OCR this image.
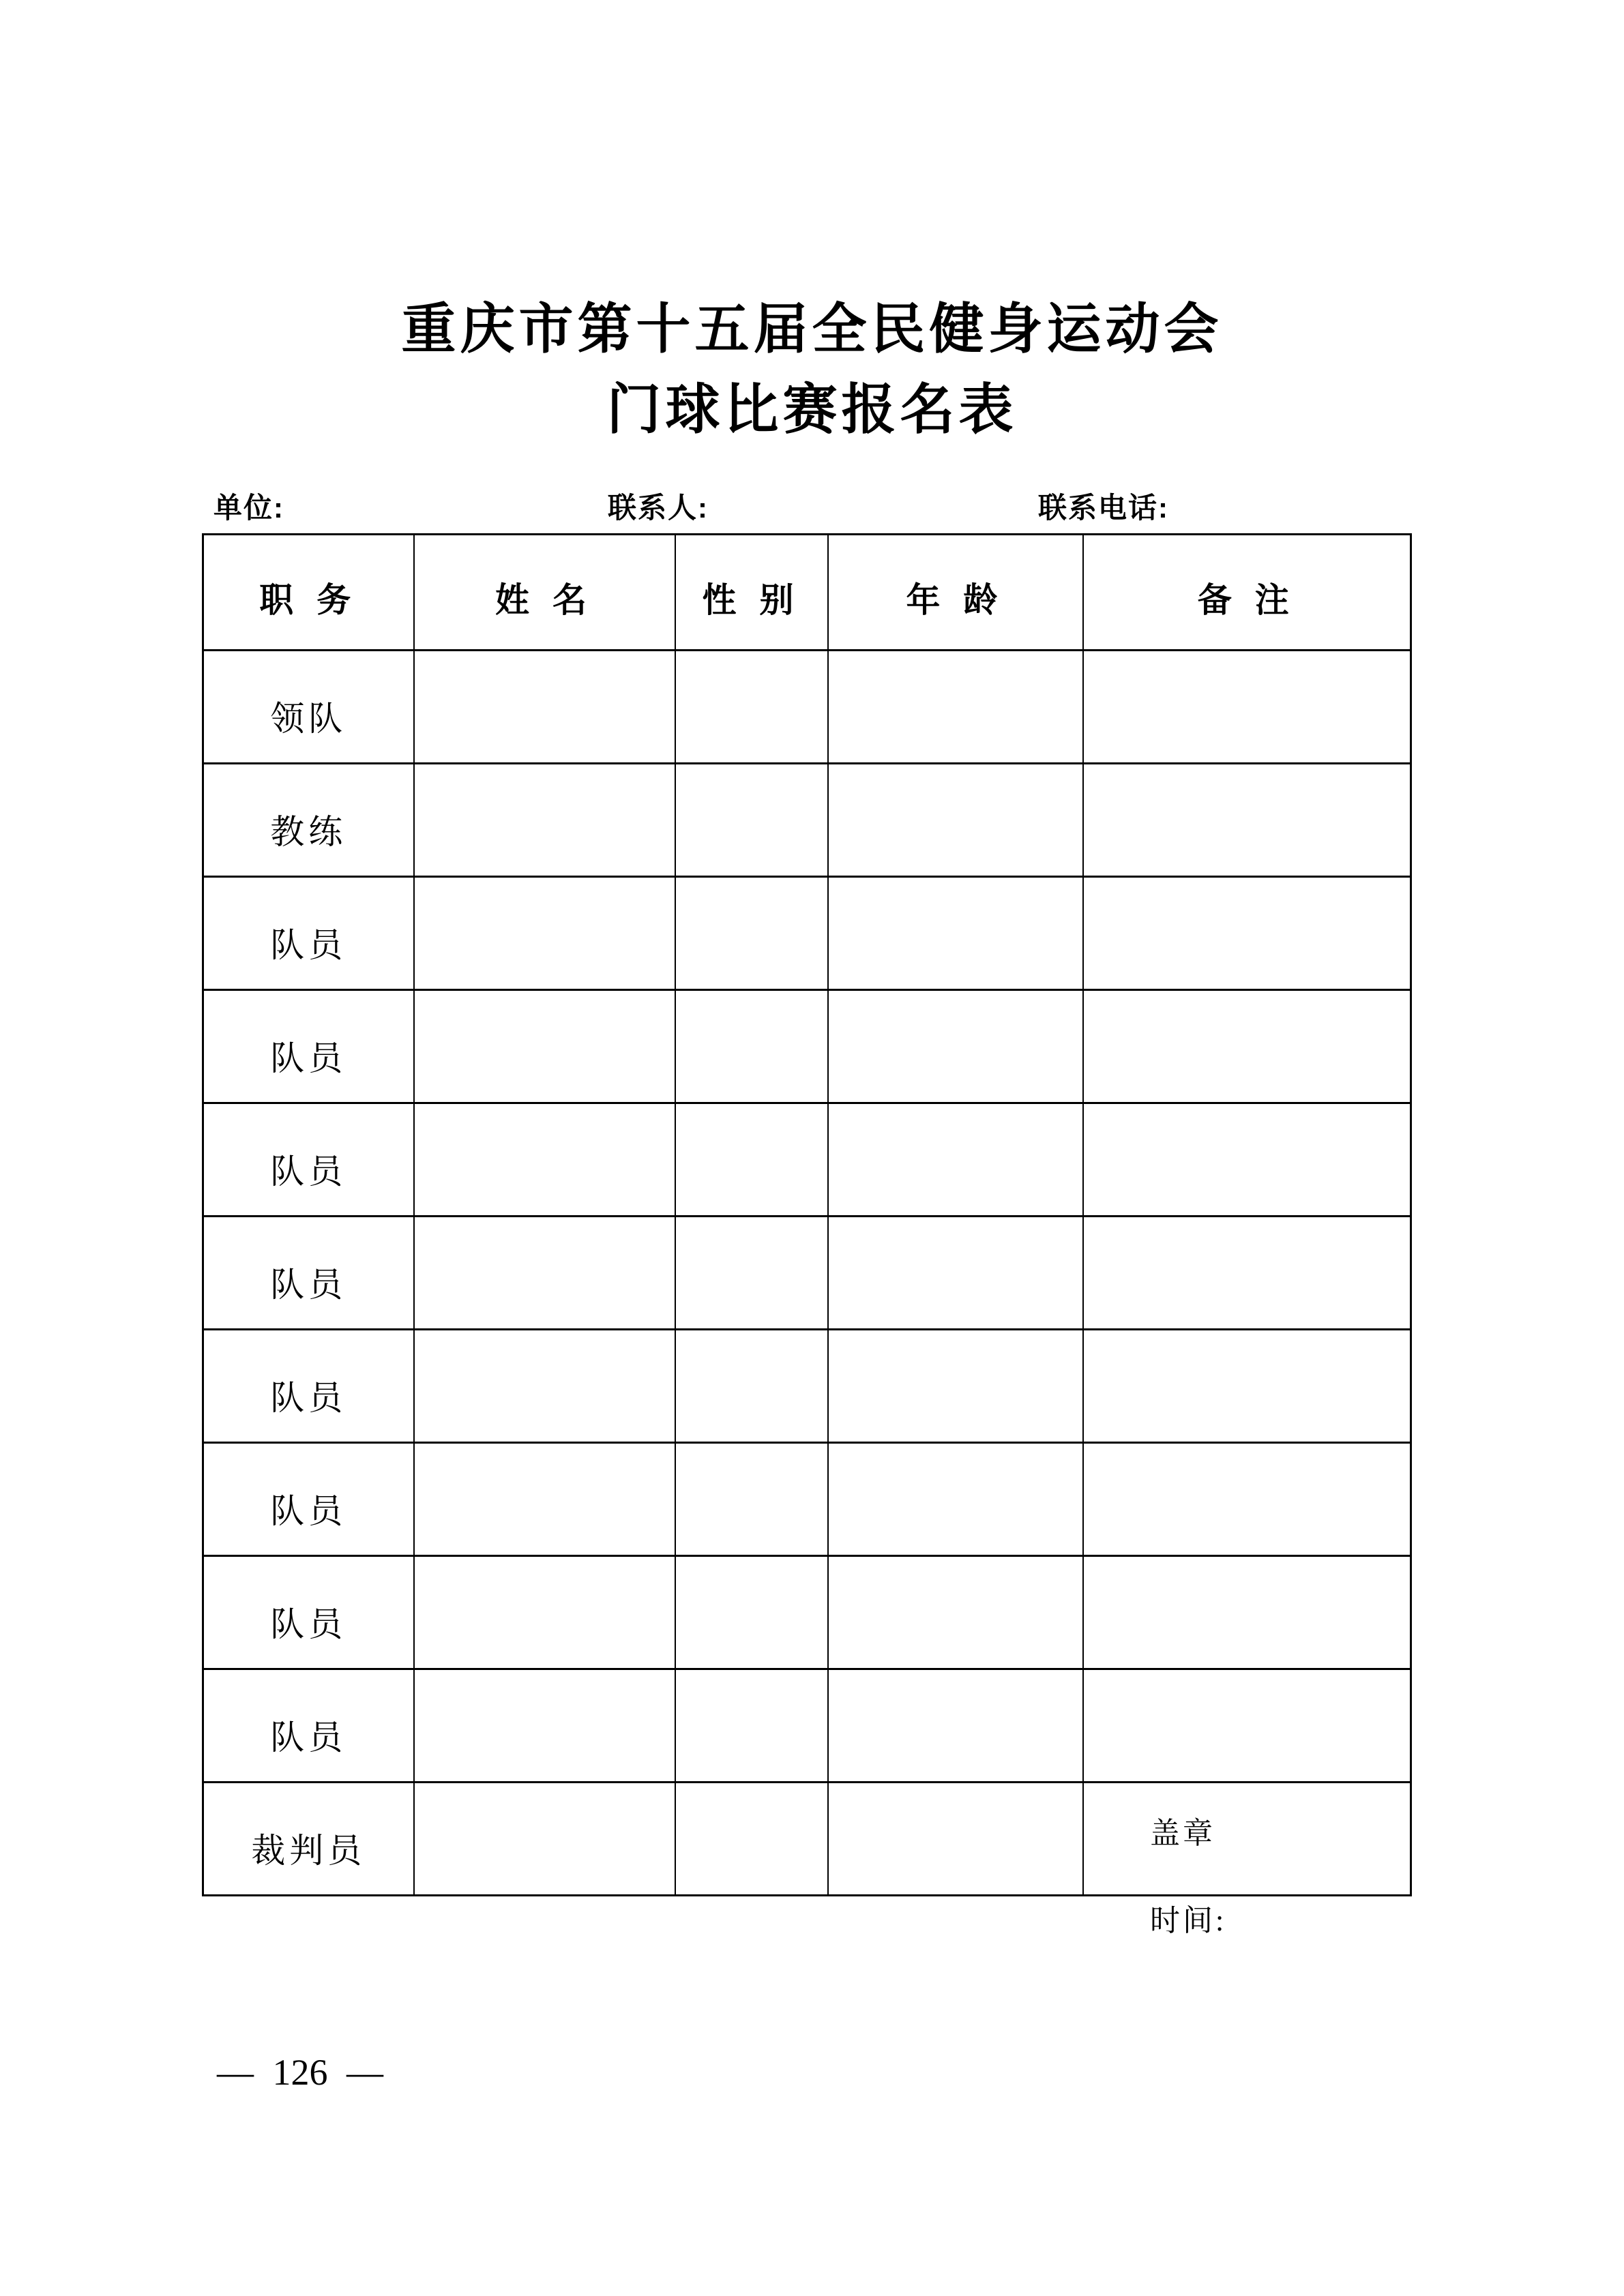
重庆市第十五届全民健身运动会
门球比赛报名表
单位:	联系人:	联系电话:
职 务	姓 名	性 别	年 龄	备 注
领队				
教练				
队员				
队员				
队员				
队员				
队员				
队员				
队员				
队员				
裁判员					盖章
时间:
— 126 —
